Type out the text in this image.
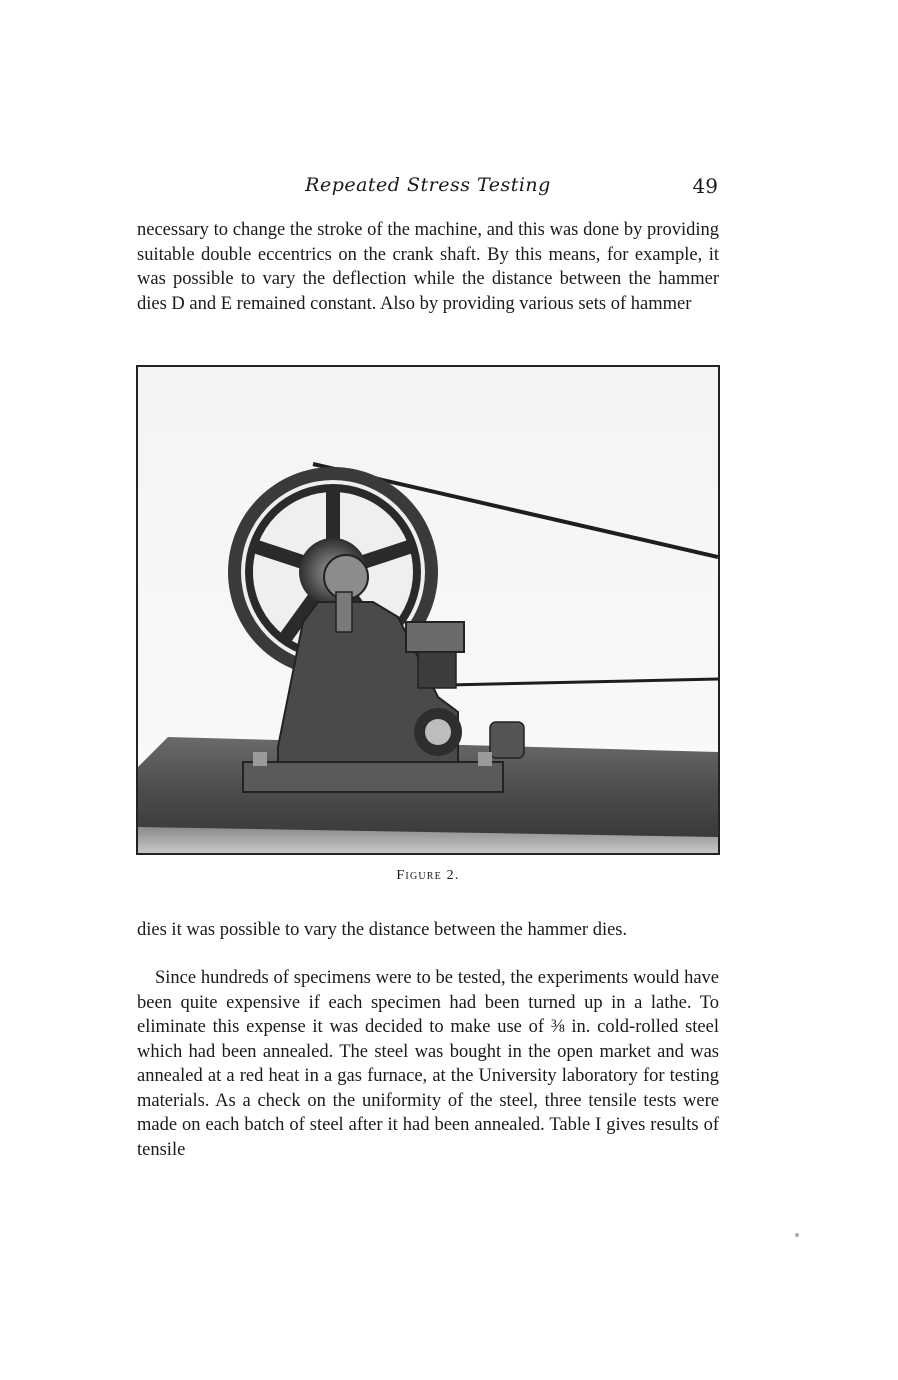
Repeated Stress Testing	49

necessary to change the stroke of the machine, and this was done by providing suitable double eccentrics on the crank shaft. By this means, for example, it was possible to vary the deflection while the distance between the hammer dies D and E remained constant. Also by providing various sets of hammer

Figure 2.

dies it was possible to vary the distance between the hammer dies.

Since hundreds of specimens were to be tested, the experiments would have been quite expensive if each specimen had been turned up in a lathe. To eliminate this expense it was decided to make use of ⅜ in. cold-rolled steel which had been annealed. The steel was bought in the open market and was annealed at a red heat in a gas furnace, at the University laboratory for testing materials. As a check on the uniformity of the steel, three tensile tests were made on each batch of steel after it had been annealed. Table I gives results of tensile
